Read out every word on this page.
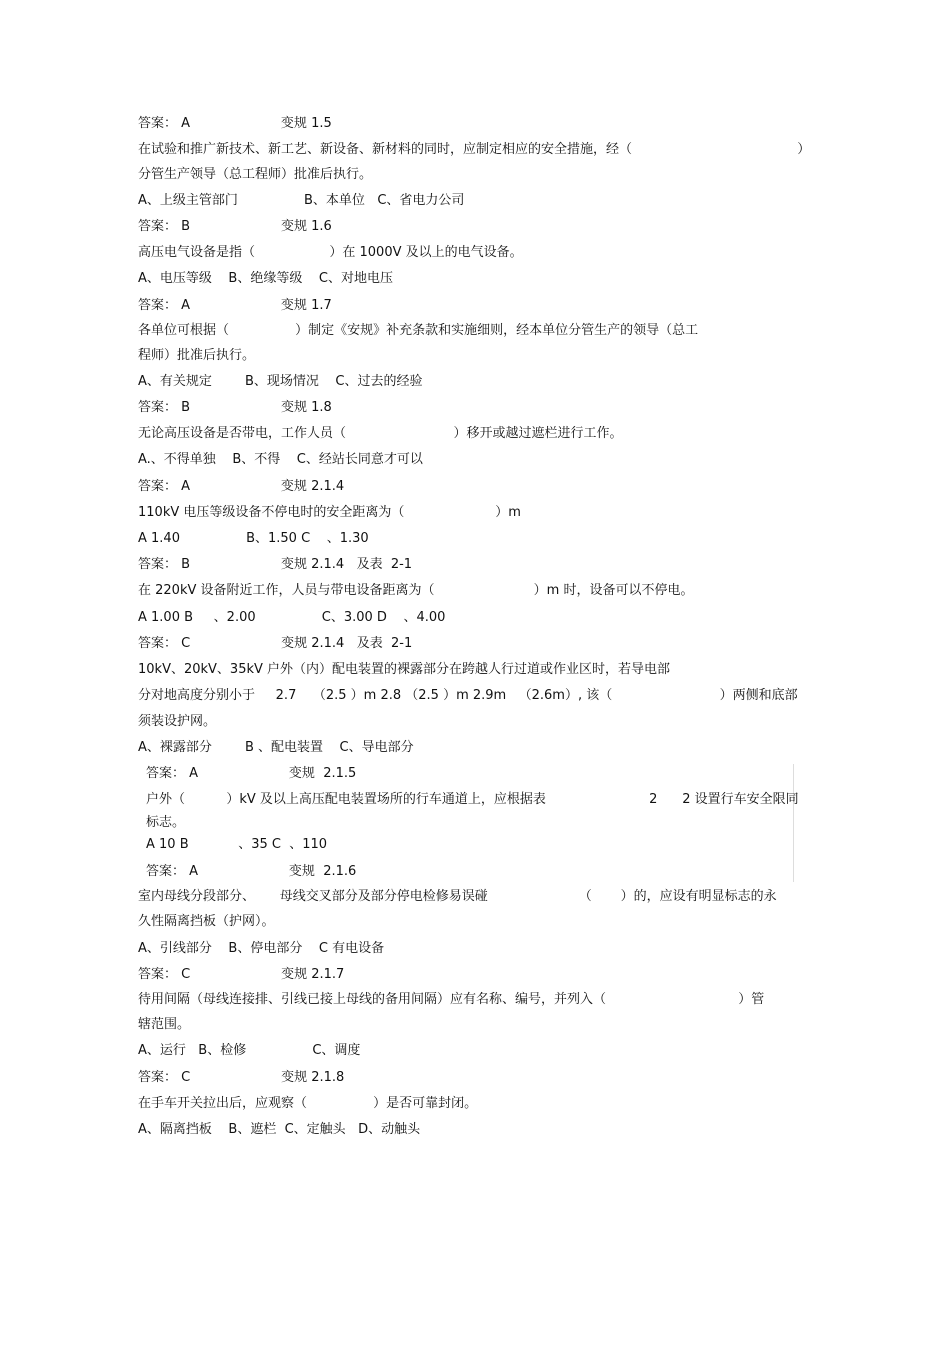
答案： A                      变规 1.5

在试验和推广新技术、新工艺、新设备、新材料的同时，应制定相应的安全措施，经（                                        ）

分管生产领导（总工程师）批准后执行。

A、上级主管部门                B、本单位   C、省电力公司

答案： B                      变规 1.6

高压电气设备是指（                  ）在 1000V 及以上的电气设备。

A、电压等级    B、绝缘等级    C、对地电压

答案： A                      变规 1.7

各单位可根据（                ）制定《安规》补充条款和实施细则，经本单位分管生产的领导（总工

程师）批准后执行。

A、有关规定        B、现场情况    C、过去的经验

答案： B                      变规 1.8

无论高压设备是否带电，工作人员（                          ）移开或越过遮栏进行工作。

A.、不得单独    B、不得    C、经站长同意才可以

答案： A                      变规 2.1.4

110kV 电压等级设备不停电时的安全距离为（                      ）m

A 1.40                B、1.50 C    、1.30

答案： B                      变规 2.1.4   及表  2-1

在 220kV 设备附近工作，人员与带电设备距离为（                        ）m 时，设备可以不停电。

A 1.00 B     、2.00                C、3.00 D    、4.00

答案： C                      变规 2.1.4   及表  2-1

10kV、20kV、35kV 户外（内）配电装置的裸露部分在跨越人行过道或作业区时，若导电部

分对地高度分别小于     2.7    （2.5 ）m 2.8 （2.5 ）m 2.9m   （2.6m）, 该（                          ）两侧和底部

须装设护网。

A、裸露部分        B 、配电装置    C、导电部分

答案： A                      变规  2.1.5

户外（          ）kV 及以上高压配电装置场所的行车通道上，应根据表                         2      2 设置行车安全限同

标志。

A 10 B            、35 C  、110

答案： A                      变规  2.1.6

室内母线分段部分、      母线交叉部分及部分停电检修易误碰                      （       ）的，应设有明显标志的永

久性隔离挡板（护网）。

A、引线部分    B、停电部分    C 有电设备

答案： C                      变规 2.1.7

待用间隔（母线连接排、引线已接上母线的备用间隔）应有名称、编号，并列入（                                ）管

辖范围。

A、运行   B、检修                C、调度

答案： C                      变规 2.1.8

在手车开关拉出后，应观察（                ）是否可靠封闭。

A、隔离挡板    B、遮栏  C、定触头   D、动触头
